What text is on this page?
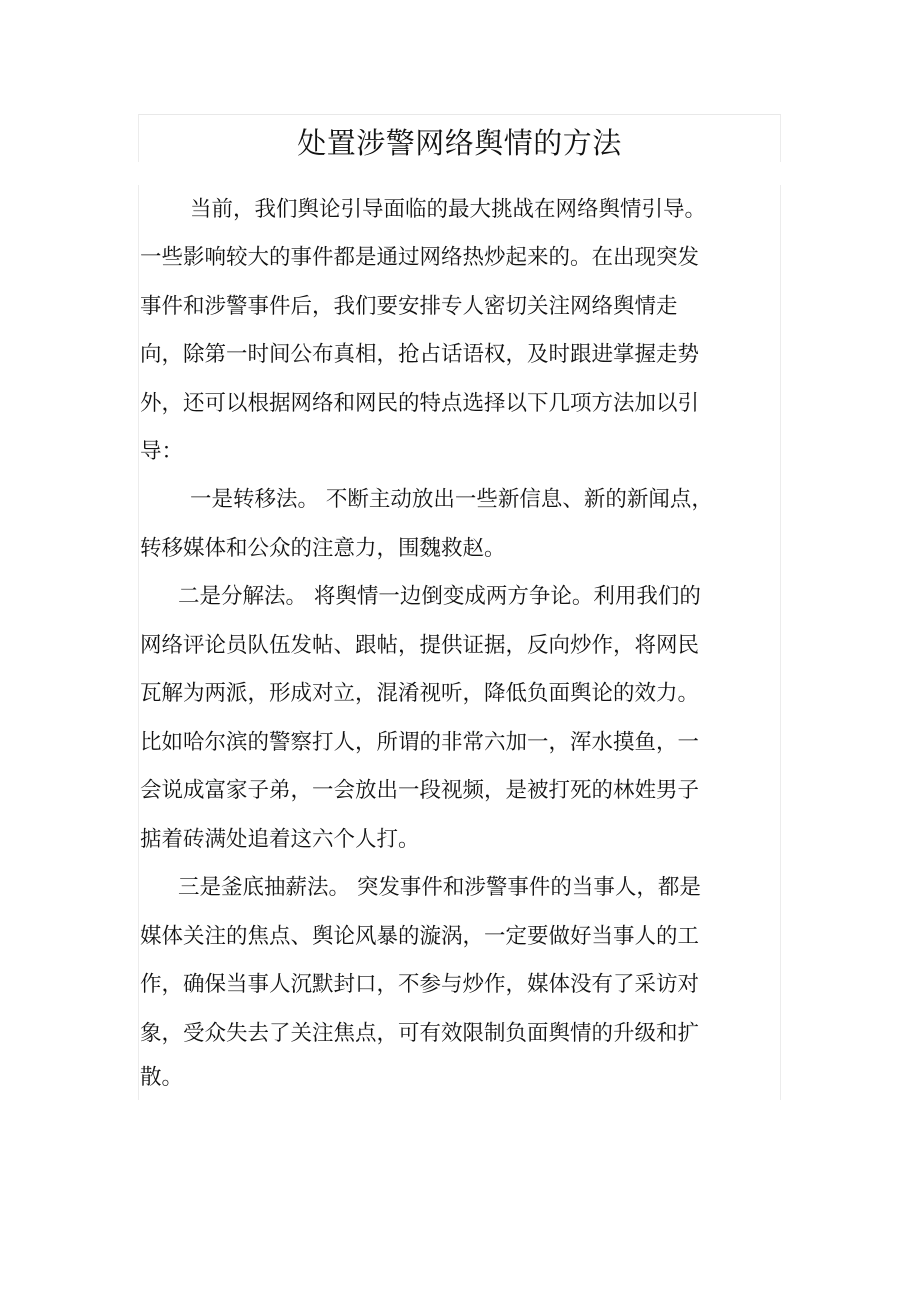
处置涉警网络舆情的方法
当前，我们舆论引导面临的最大挑战在网络舆情引导。
一些影响较大的事件都是通过网络热炒起来的。在出现突发
事件和涉警事件后，我们要安排专人密切关注网络舆情走
向，除第一时间公布真相，抢占话语权，及时跟进掌握走势
外，还可以根据网络和网民的特点选择以下几项方法加以引
导：
一是转移法。 不断主动放出一些新信息、新的新闻点，
转移媒体和公众的注意力，围魏救赵。
二是分解法。 将舆情一边倒变成两方争论。利用我们的
网络评论员队伍发帖、跟帖，提供证据，反向炒作，将网民
瓦解为两派，形成对立，混淆视听，降低负面舆论的效力。
比如哈尔滨的警察打人，所谓的非常六加一，浑水摸鱼，一
会说成富家子弟，一会放出一段视频，是被打死的林姓男子
掂着砖满处追着这六个人打。
三是釜底抽薪法。 突发事件和涉警事件的当事人，都是
媒体关注的焦点、舆论风暴的漩涡，一定要做好当事人的工
作，确保当事人沉默封口，不参与炒作，媒体没有了采访对
象，受众失去了关注焦点，可有效限制负面舆情的升级和扩
散。
